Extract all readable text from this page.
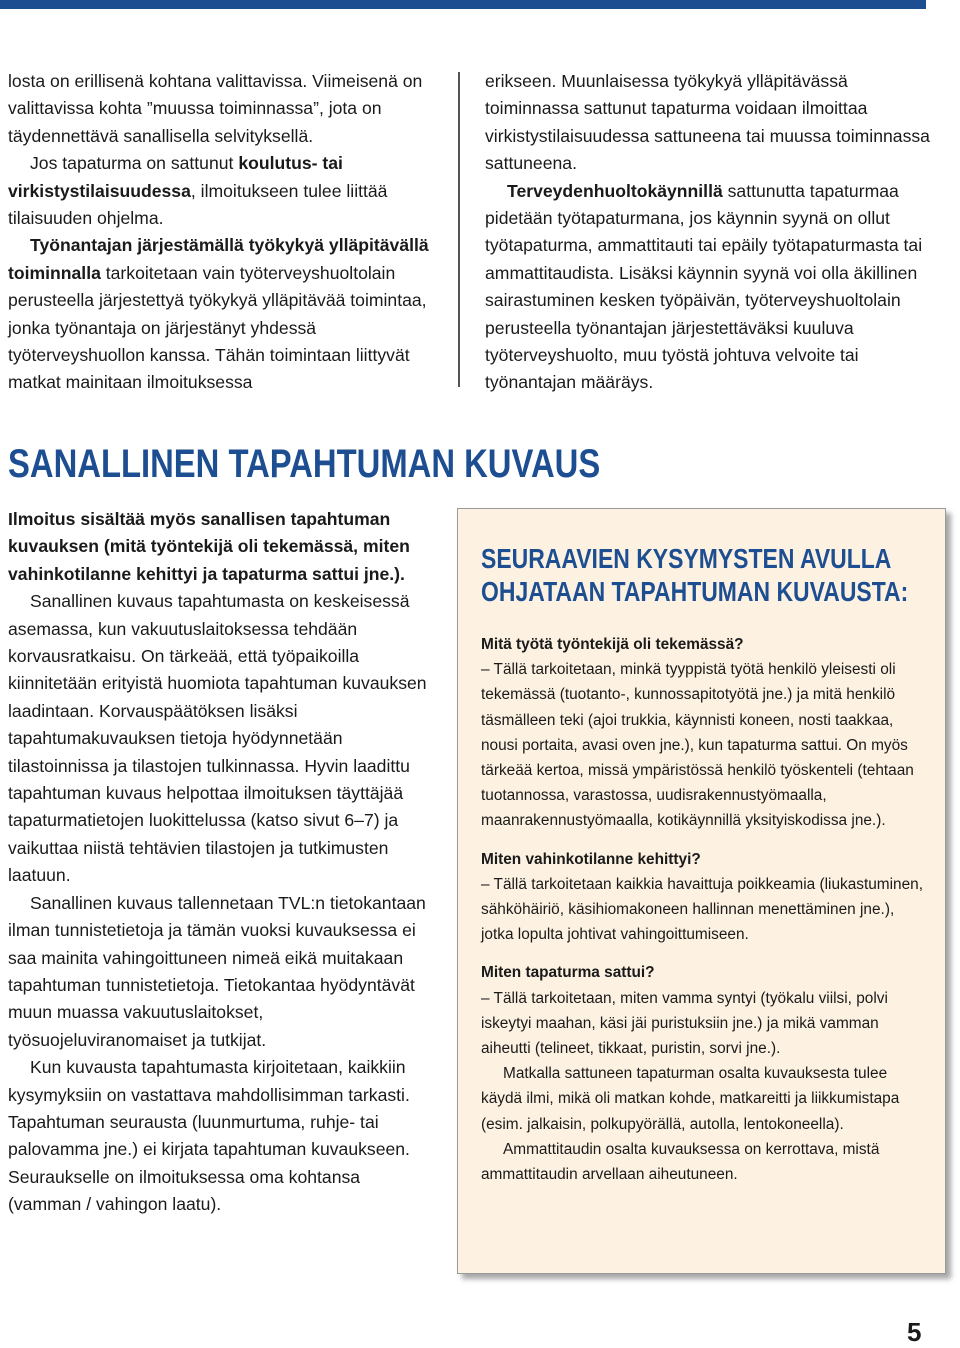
losta on erillisenä kohtana valittavissa. Viimeisenä on valittavissa kohta ”muussa toiminnassa”, jota on täydennettävä sanallisella selvityksellä.

Jos tapaturma on sattunut koulutus- tai virkistystilaisuudessa, ilmoitukseen tulee liittää tilaisuuden ohjelma.

Työnantajan järjestämällä työkykyä ylläpitävällä toiminnalla tarkoitetaan vain työterveyshuoltolain perusteella järjestettyä työkykyä ylläpitävää toimintaa, jonka työnantaja on järjestänyt yhdessä työterveyshuollon kanssa. Tähän toimintaan liittyvät matkat mainitaan ilmoituksessa

erikseen. Muunlaisessa työkykyä ylläpitävässä toiminnassa sattunut tapaturma voidaan ilmoittaa virkistystilaisuudessa sattuneena tai muussa toiminnassa sattuneena.

Terveydenhuoltokäynnillä sattunutta tapaturmaa pidetään työtapaturmana, jos käynnin syynä on ollut työtapaturma, ammattitauti tai epäily työtapaturmasta tai ammattitaudista. Lisäksi käynnin syynä voi olla äkillinen sairastuminen kesken työpäivän, työterveyshuoltolain perusteella työnantajan järjestettäväksi kuuluva työterveyshuolto, muu työstä johtuva velvoite tai työnantajan määräys.

SANALLINEN TAPAHTUMAN KUVAUS

Ilmoitus sisältää myös sanallisen tapahtuman kuvauksen (mitä työntekijä oli tekemässä, miten vahinkotilanne kehittyi ja tapaturma sattui jne.).

Sanallinen kuvaus tapahtumasta on keskeisessä asemassa, kun vakuutuslaitoksessa tehdään korvausratkaisu. On tärkeää, että työpaikoilla kiinnitetään erityistä huomiota tapahtuman kuvauksen laadintaan. Korvauspäätöksen lisäksi tapahtumakuvauksen tietoja hyödynnetään tilastoinnissa ja tilastojen tulkinnassa. Hyvin laadittu tapahtuman kuvaus helpottaa ilmoituksen täyttäjää tapaturmatietojen luokittelussa (katso sivut 6–7) ja vaikuttaa niistä tehtävien tilastojen ja tutkimusten laatuun.

Sanallinen kuvaus tallennetaan TVL:n tietokantaan ilman tunnistetietoja ja tämän vuoksi kuvauksessa ei saa mainita vahingoittuneen nimeä eikä muitakaan tapahtuman tunnistetietoja. Tietokantaa hyödyntävät muun muassa vakuutuslaitokset, työsuojeluviranomaiset ja tutkijat.

Kun kuvausta tapahtumasta kirjoitetaan, kaikkiin kysymyksiin on vastattava mahdollisimman tarkasti. Tapahtuman seurausta (luunmurtuma, ruhje- tai palovamma jne.) ei kirjata tapahtuman kuvaukseen. Seuraukselle on ilmoituksessa oma kohtansa (vamman / vahingon laatu).

SEURAAVIEN KYSYMYSTEN AVULLA
OHJATAAN TAPAHTUMAN KUVAUSTA:
Mitä työtä työntekijä oli tekemässä?

– Tällä tarkoitetaan, minkä tyyppistä työtä henkilö yleisesti oli tekemässä (tuotanto-, kunnossapitotyötä jne.) ja mitä henkilö täsmälleen teki (ajoi trukkia, käynnisti koneen, nosti taakkaa, nousi portaita, avasi oven jne.), kun tapaturma sattui. On myös tärkeää kertoa, missä ympäristössä henkilö työskenteli (tehtaan tuotannossa, varastossa, uudisrakennustyömaalla, maanrakennustyömaalla, kotikäynnillä yksityiskodissa jne.).

Miten vahinkotilanne kehittyi?

– Tällä tarkoitetaan kaikkia havaittuja poikkeamia (liukastuminen, sähköhäiriö, käsihiomakoneen hallinnan menettäminen jne.), jotka lopulta johtivat vahingoittumiseen.

Miten tapaturma sattui?

– Tällä tarkoitetaan, miten vamma syntyi (työkalu viilsi, polvi iskeytyi maahan, käsi jäi puristuksiin jne.) ja mikä vamman aiheutti (telineet, tikkaat, puristin, sorvi jne.).

Matkalla sattuneen tapaturman osalta kuvauksesta tulee käydä ilmi, mikä oli matkan kohde, matkareitti ja liikkumistapa (esim. jalkaisin, polkupyörällä, autolla, lentokoneella).

Ammattitaudin osalta kuvauksessa on kerrottava, mistä ammattitaudin arvellaan aiheutuneen.

5
